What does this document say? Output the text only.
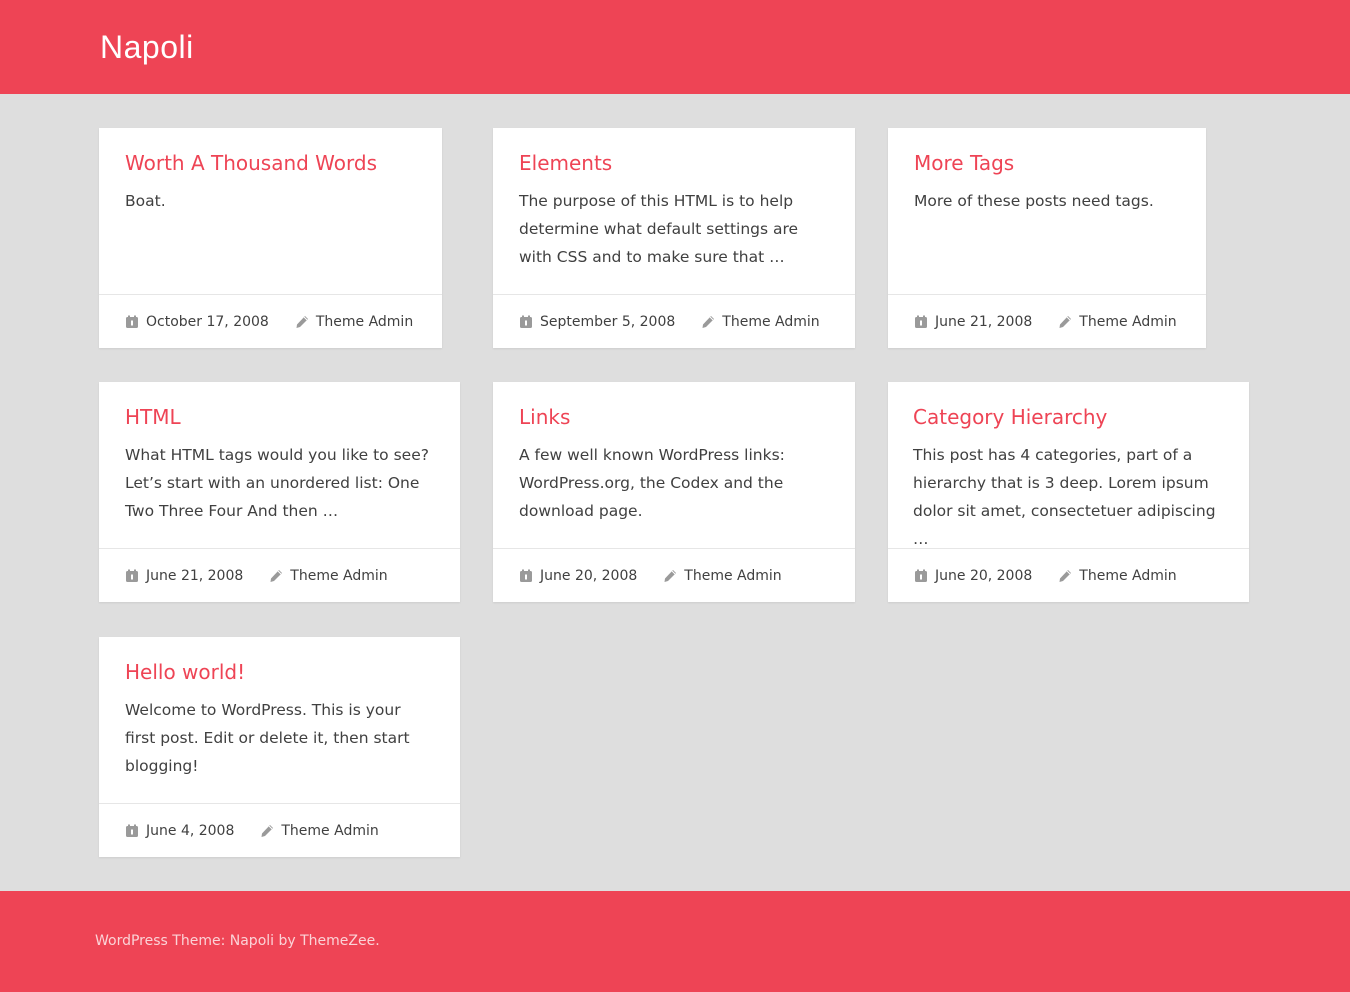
Napoli
Worth A Thousand Words

Boat.

October 17, 2008	Theme Admin
Elements

The purpose of this HTML is to help determine what default settings are with CSS and to make sure that …

September 5, 2008	Theme Admin
More Tags

More of these posts need tags.

June 21, 2008	Theme Admin
HTML

What HTML tags would you like to see? Let’s start with an unordered list: One Two Three Four And then …

June 21, 2008	Theme Admin
Links

A few well known WordPress links: WordPress.org, the Codex and the download page.

June 20, 2008	Theme Admin
Category Hierarchy

This post has 4 categories, part of a hierarchy that is 3 deep. Lorem ipsum dolor sit amet, consectetuer adipiscing …

June 20, 2008	Theme Admin
Hello world!

Welcome to WordPress. This is your first post. Edit or delete it, then start blogging!

June 4, 2008	Theme Admin
WordPress Theme: Napoli by ThemeZee.
